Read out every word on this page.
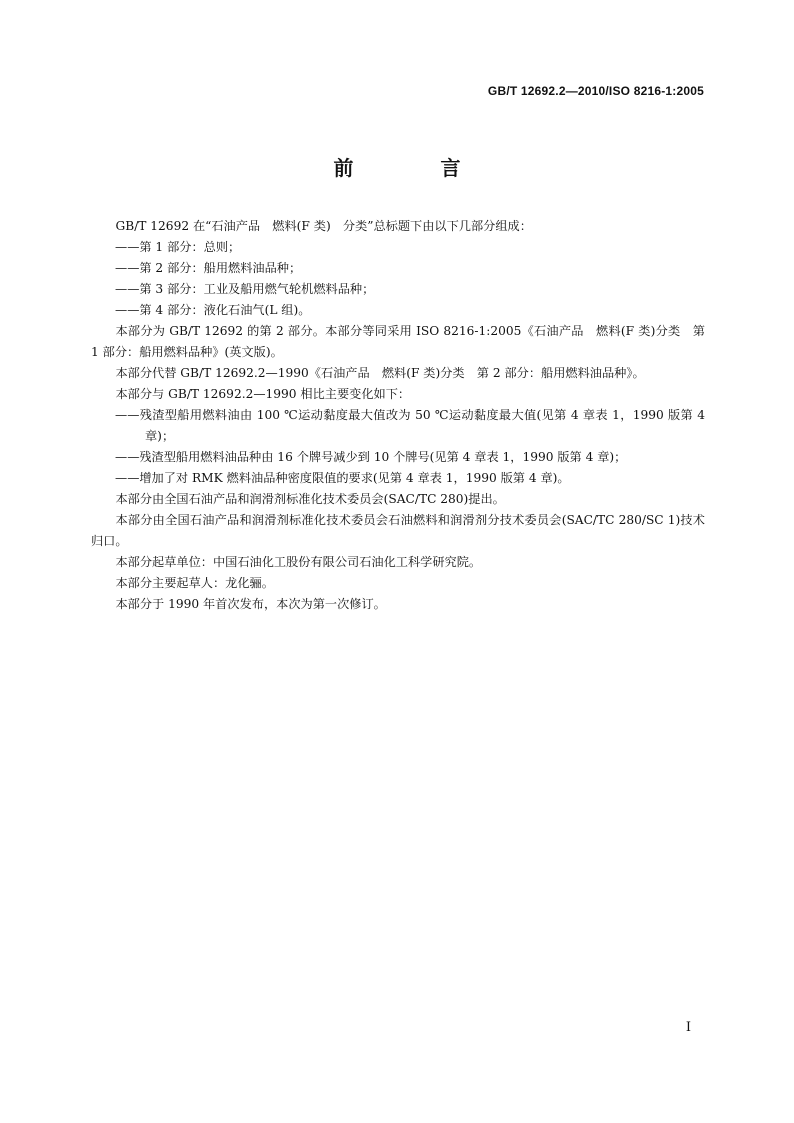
GB/T 12692.2—2010/ISO 8216-1:2005
前 言

GB/T 12692 在“石油产品　燃料(F 类)　分类”总标题下由以下几部分组成：

——第 1 部分：总则；

——第 2 部分：船用燃料油品种；

——第 3 部分：工业及船用燃气轮机燃料品种；

——第 4 部分：液化石油气(L 组)。

本部分为 GB/T 12692 的第 2 部分。本部分等同采用 ISO 8216-1:2005《石油产品　燃料(F 类)分类　第 1 部分：船用燃料品种》(英文版)。

本部分代替 GB/T 12692.2—1990《石油产品　燃料(F 类)分类　第 2 部分：船用燃料油品种》。

本部分与 GB/T 12692.2—1990 相比主要变化如下：

——残渣型船用燃料油由 100 ℃运动黏度最大值改为 50 ℃运动黏度最大值(见第 4 章表 1，1990 版第 4 章)；

——残渣型船用燃料油品种由 16 个牌号减少到 10 个牌号(见第 4 章表 1，1990 版第 4 章)；

——增加了对 RMK 燃料油品种密度限值的要求(见第 4 章表 1，1990 版第 4 章)。

本部分由全国石油产品和润滑剂标准化技术委员会(SAC/TC 280)提出。

本部分由全国石油产品和润滑剂标准化技术委员会石油燃料和润滑剂分技术委员会(SAC/TC 280/SC 1)技术归口。

本部分起草单位：中国石油化工股份有限公司石油化工科学研究院。

本部分主要起草人：龙化骊。

本部分于 1990 年首次发布，本次为第一次修订。

I
